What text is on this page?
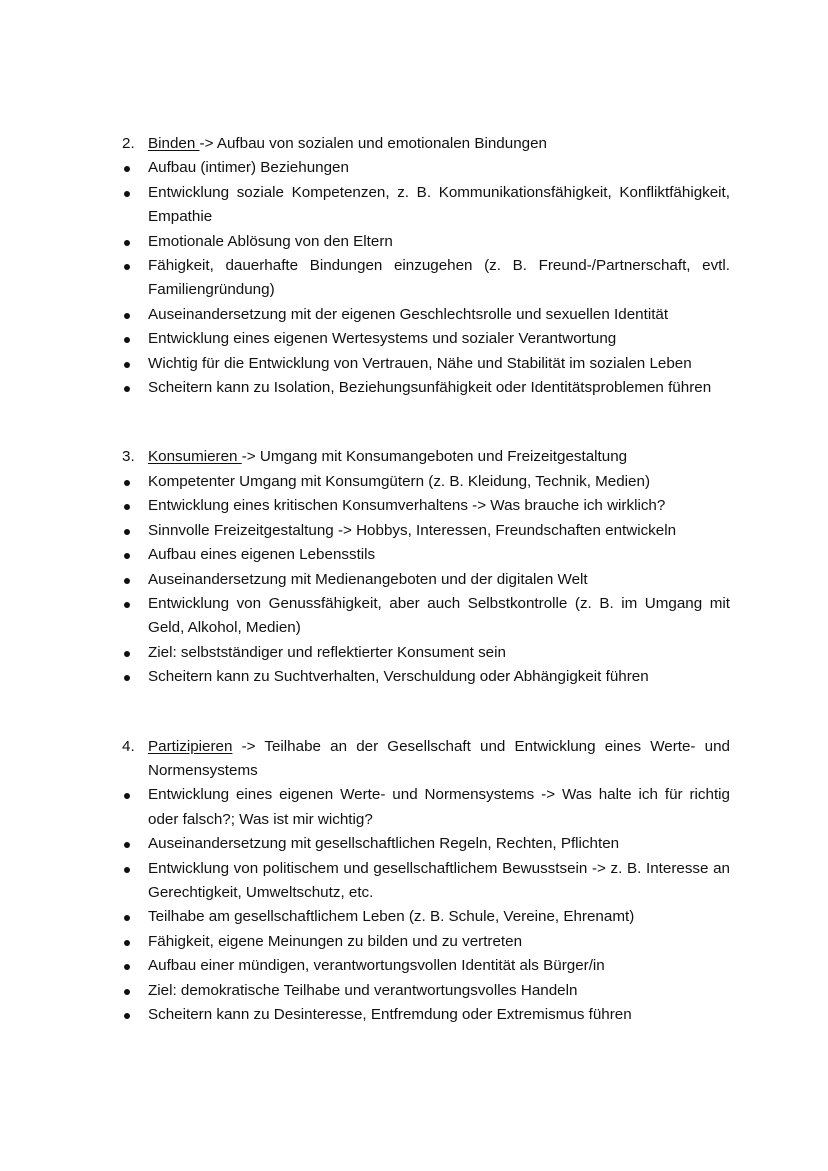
2. Binden -> Aufbau von sozialen und emotionalen Bindungen
Aufbau (intimer) Beziehungen
Entwicklung soziale Kompetenzen, z. B. Kommunikationsfähigkeit, Konfliktfähigkeit, Empathie
Emotionale Ablösung von den Eltern
Fähigkeit, dauerhafte Bindungen einzugehen (z. B. Freund-/Partnerschaft, evtl. Familiengründung)
Auseinandersetzung mit der eigenen Geschlechtsrolle und sexuellen Identität
Entwicklung eines eigenen Wertesystems und sozialer Verantwortung
Wichtig für die Entwicklung von Vertrauen, Nähe und Stabilität im sozialen Leben
Scheitern kann zu Isolation, Beziehungsunfähigkeit oder Identitätsproblemen führen
3. Konsumieren -> Umgang mit Konsumangeboten und Freizeitgestaltung
Kompetenter Umgang mit Konsumgütern (z. B. Kleidung, Technik, Medien)
Entwicklung eines kritischen Konsumverhaltens -> Was brauche ich wirklich?
Sinnvolle Freizeitgestaltung -> Hobbys, Interessen, Freundschaften entwickeln
Aufbau eines eigenen Lebensstils
Auseinandersetzung mit Medienangeboten und der digitalen Welt
Entwicklung von Genussfähigkeit, aber auch Selbstkontrolle (z. B. im Umgang mit Geld, Alkohol, Medien)
Ziel: selbstständiger und reflektierter Konsument sein
Scheitern kann zu Suchtverhalten, Verschuldung oder Abhängigkeit führen
4. Partizipieren -> Teilhabe an der Gesellschaft und Entwicklung eines Werte- und Normensystems
Entwicklung eines eigenen Werte- und Normensystems -> Was halte ich für richtig oder falsch?; Was ist mir wichtig?
Auseinandersetzung mit gesellschaftlichen Regeln, Rechten, Pflichten
Entwicklung von politischem und gesellschaftlichem Bewusstsein -> z. B. Interesse an Gerechtigkeit, Umweltschutz, etc.
Teilhabe am gesellschaftlichem Leben (z. B. Schule, Vereine, Ehrenamt)
Fähigkeit, eigene Meinungen zu bilden und zu vertreten
Aufbau einer mündigen, verantwortungsvollen Identität als Bürger/in
Ziel: demokratische Teilhabe und verantwortungsvolles Handeln
Scheitern kann zu Desinteresse, Entfremdung oder Extremismus führen
